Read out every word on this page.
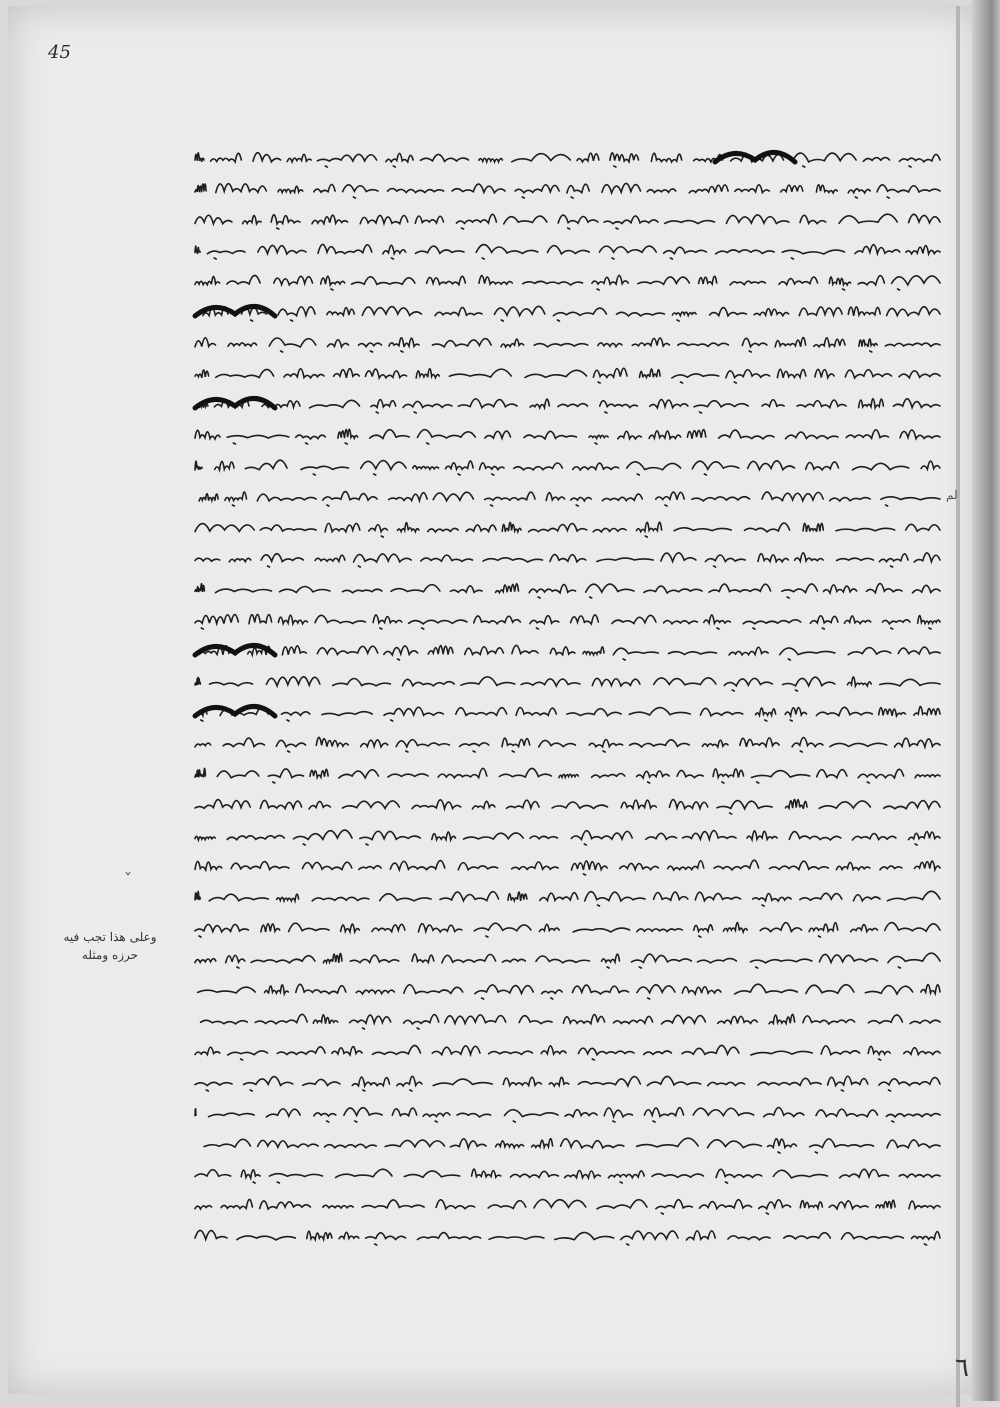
45
لم
ˇ
وعلى هذا تجب فيه
حرزه ومثله
٦
